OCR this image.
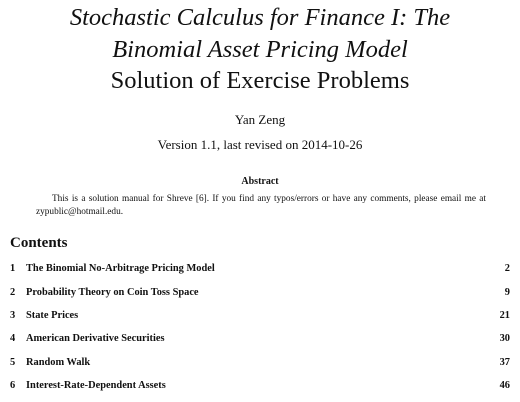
Stochastic Calculus for Finance I: The
Binomial Asset Pricing Model
Solution of Exercise Problems
Yan Zeng
Version 1.1, last revised on 2014-10-26
Abstract
This is a solution manual for Shreve [6]. If you find any typos/errors or have any comments, please email me at zypublic@hotmail.edu.
Contents
1 The Binomial No-Arbitrage Pricing Model	2
2 Probability Theory on Coin Toss Space	9
3 State Prices	21
4 American Derivative Securities	30
5 Random Walk	37
6 Interest-Rate-Dependent Assets	46
